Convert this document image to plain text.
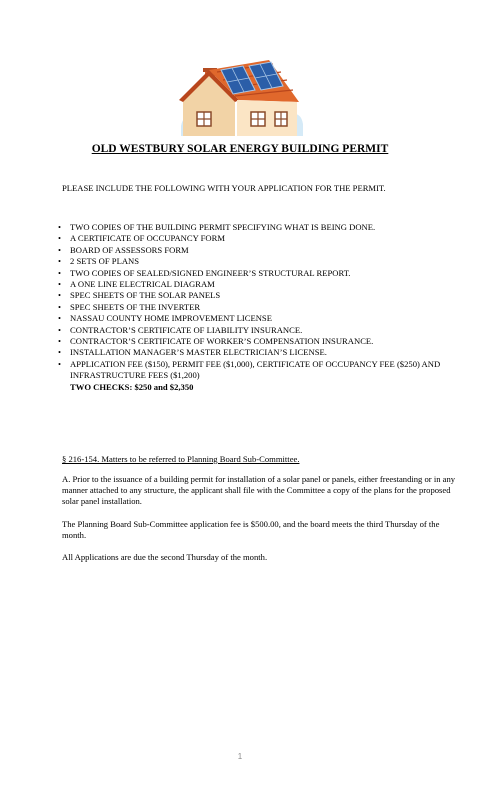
OLD WESTBURY SOLAR ENERGY BUILDING PERMIT
PLEASE INCLUDE THE FOLLOWING WITH YOUR APPLICATION FOR THE PERMIT.
• TWO COPIES OF THE BUILDING PERMIT SPECIFYING WHAT IS BEING DONE.
• A CERTIFICATE OF OCCUPANCY FORM
• BOARD OF ASSESSORS FORM
• 2 SETS OF PLANS
• TWO COPIES OF SEALED/SIGNED ENGINEER’S STRUCTURAL REPORT.
• A ONE LINE ELECTRICAL DIAGRAM
• SPEC SHEETS OF THE SOLAR PANELS
• SPEC SHEETS OF THE INVERTER
• NASSAU COUNTY HOME IMPROVEMENT LICENSE
• CONTRACTOR’S CERTIFICATE OF LIABILITY INSURANCE.
• CONTRACTOR’S CERTIFICATE OF WORKER’S COMPENSATION INSURANCE.
• INSTALLATION MANAGER’S MASTER ELECTRICIAN’S LICENSE.
• APPLICATION FEE ($150), PERMIT FEE ($1,000), CERTIFICATE OF OCCUPANCY FEE ($250) AND INFRASTRUCTURE FEES ($1,200)
TWO CHECKS: $250 and $2,350
§ 216-154. Matters to be referred to Planning Board Sub-Committee.

A. Prior to the issuance of a building permit for installation of a solar panel or panels, either freestanding or in any manner attached to any structure, the applicant shall file with the Committee a copy of the plans for the proposed solar panel installation.

The Planning Board Sub-Committee application fee is $500.00, and the board meets the third Thursday of the month.

All Applications are due the second Thursday of the month.

1
